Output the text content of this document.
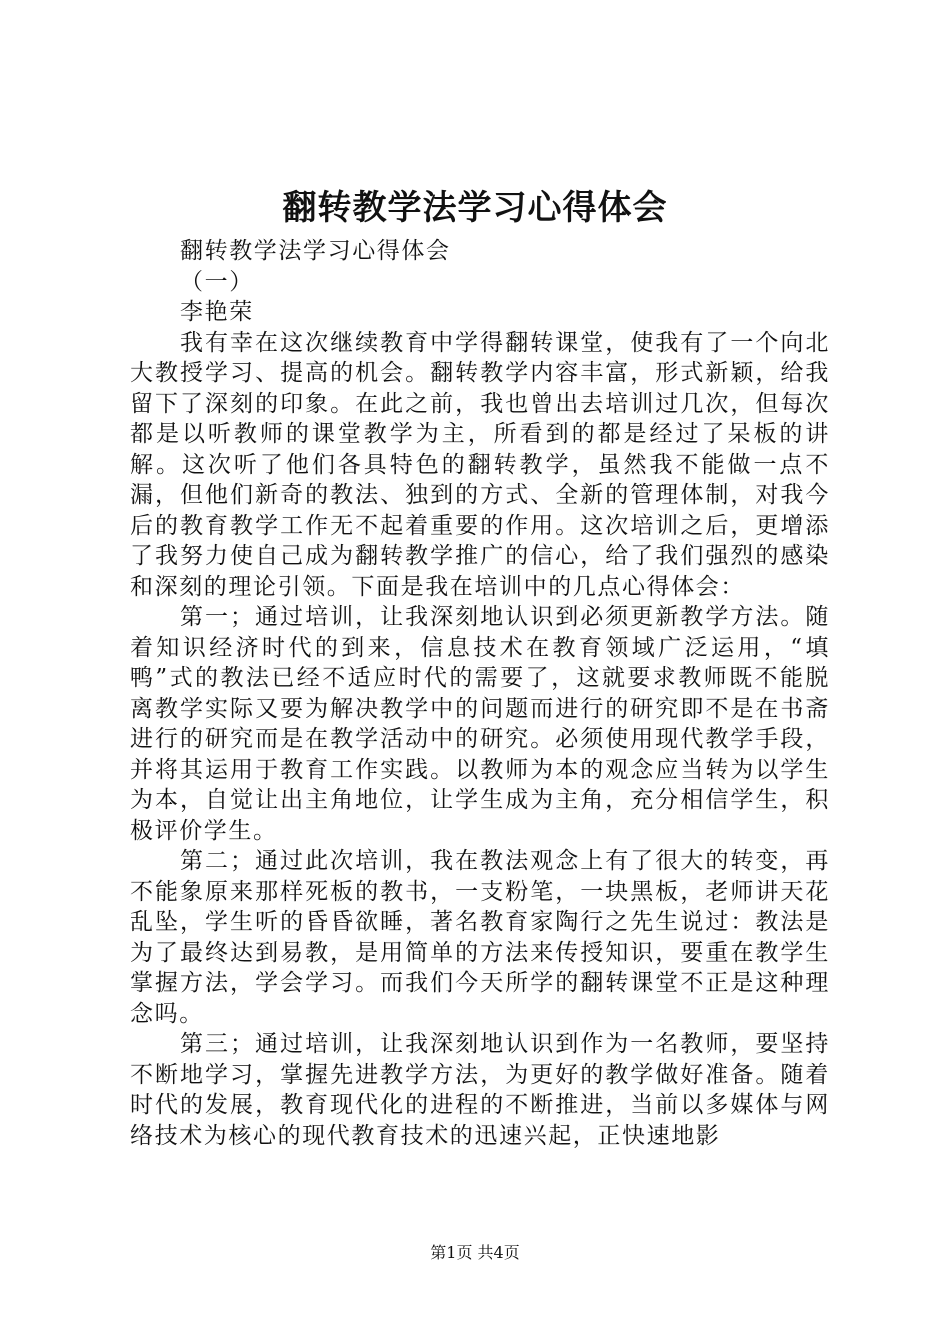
翻转教学法学习心得体会

翻转教学法学习心得体会

（一）

李艳荣

我有幸在这次继续教育中学得翻转课堂，使我有了一个向北大教授学习、提高的机会。翻转教学内容丰富，形式新颖，给我留下了深刻的印象。在此之前，我也曾出去培训过几次，但每次都是以听教师的课堂教学为主，所看到的都是经过了呆板的讲解。这次听了他们各具特色的翻转教学，虽然我不能做一点不漏，但他们新奇的教法、独到的方式、全新的管理体制，对我今后的教育教学工作无不起着重要的作用。这次培训之后，更增添了我努力使自己成为翻转教学推广的信心，给了我们强烈的感染和深刻的理论引领。下面是我在培训中的几点心得体会：

第一；通过培训，让我深刻地认识到必须更新教学方法。随着知识经济时代的到来，信息技术在教育领域广泛运用，“填鸭”式的教法已经不适应时代的需要了，这就要求教师既不能脱离教学实际又要为解决教学中的问题而进行的研究即不是在书斋进行的研究而是在教学活动中的研究。必须使用现代教学手段，并将其运用于教育工作实践。以教师为本的观念应当转为以学生为本，自觉让出主角地位，让学生成为主角，充分相信学生，积极评价学生。

第二；通过此次培训，我在教法观念上有了很大的转变，再不能象原来那样死板的教书，一支粉笔，一块黑板，老师讲天花乱坠，学生听的昏昏欲睡，著名教育家陶行之先生说过：教法是为了最终达到易教，是用简单的方法来传授知识，要重在教学生掌握方法，学会学习。而我们今天所学的翻转课堂不正是这种理念吗。

第三；通过培训，让我深刻地认识到作为一名教师，要坚持不断地学习，掌握先进教学方法，为更好的教学做好准备。随着时代的发展，教育现代化的进程的不断推进，当前以多媒体与网络技术为核心的现代教育技术的迅速兴起，正快速地影

第1页 共4页
